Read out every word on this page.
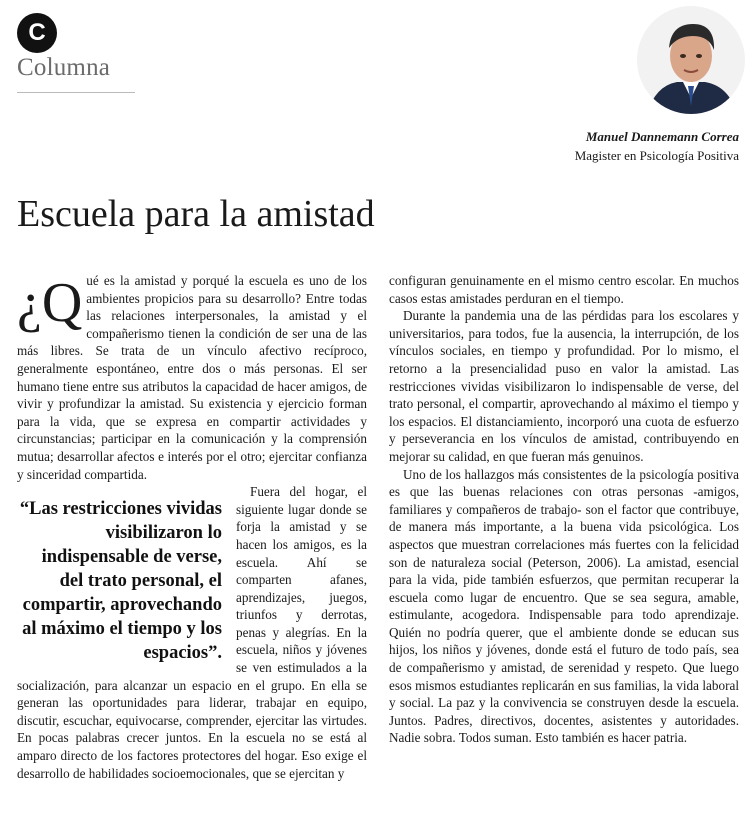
C
Columna
Manuel Dannemann Correa
Magister en Psicología Positiva
Escuela para la amistad

¿Q ué es la amistad y porqué la escuela es uno de los ambientes propicios para su desarrollo? Entre todas las relaciones interpersonales, la amistad y el compañerismo tienen la condición de ser una de las más libres. Se trata de un vínculo afectivo recíproco, generalmente espontáneo, entre dos o más personas. El ser humano tiene entre sus atributos la capacidad de hacer amigos, de vivir y profundizar la amistad. Su existencia y ejercicio forman para la vida, que se expresa en compartir actividades y circunstancias; participar en la comunicación y la comprensión mutua; desarrollar afectos e interés por el otro; ejercitar confianza y sinceridad compartida.

“Las restricciones vividas visibilizaron lo indispensable de verse, del trato personal, el compartir, aprovechando al máximo el tiempo y los espacios”.

Fuera del hogar, el siguiente lugar donde se forja la amistad y se hacen los amigos, es la escuela. Ahí se comparten afanes, aprendizajes, juegos, triunfos y derrotas, penas y alegrías. En la escuela, niños y jóvenes se ven estimulados a la socialización, para alcanzar un espacio en el grupo. En ella se generan las oportunidades para liderar, trabajar en equipo, discutir, escuchar, equivocarse, comprender, ejercitar las virtudes. En pocas palabras crecer juntos. En la escuela no se está al amparo directo de los factores protectores del hogar. Eso exige el desarrollo de habilidades socioemocionales, que se ejercitan y

configuran genuinamente en el mismo centro escolar. En muchos casos estas amistades perduran en el tiempo.

Durante la pandemia una de las pérdidas para los escolares y universitarios, para todos, fue la ausencia, la interrupción, de los vínculos sociales, en tiempo y profundidad. Por lo mismo, el retorno a la presencialidad puso en valor la amistad. Las restricciones vividas visibilizaron lo indispensable de verse, del trato personal, el compartir, aprovechando al máximo el tiempo y los espacios. El distanciamiento, incorporó una cuota de esfuerzo y perseverancia en los vínculos de amistad, contribuyendo en mejorar su calidad, en que fueran más genuinos.

Uno de los hallazgos más consistentes de la psicología positiva es que las buenas relaciones con otras personas -amigos, familiares y compañeros de trabajo- son el factor que contribuye, de manera más importante, a la buena vida psicológica. Los aspectos que muestran correlaciones más fuertes con la felicidad son de naturaleza social (Peterson, 2006). La amistad, esencial para la vida, pide también esfuerzos, que permitan recuperar la escuela como lugar de encuentro. Que se sea segura, amable, estimulante, acogedora. Indispensable para todo aprendizaje. Quién no podría querer, que el ambiente donde se educan sus hijos, los niños y jóvenes, donde está el futuro de todo país, sea de compañerismo y amistad, de serenidad y respeto. Que luego esos mismos estudiantes replicarán en sus familias, la vida laboral y social. La paz y la convivencia se construyen desde la escuela. Juntos. Padres, directivos, docentes, asistentes y autoridades. Nadie sobra. Todos suman. Esto también es hacer patria.
